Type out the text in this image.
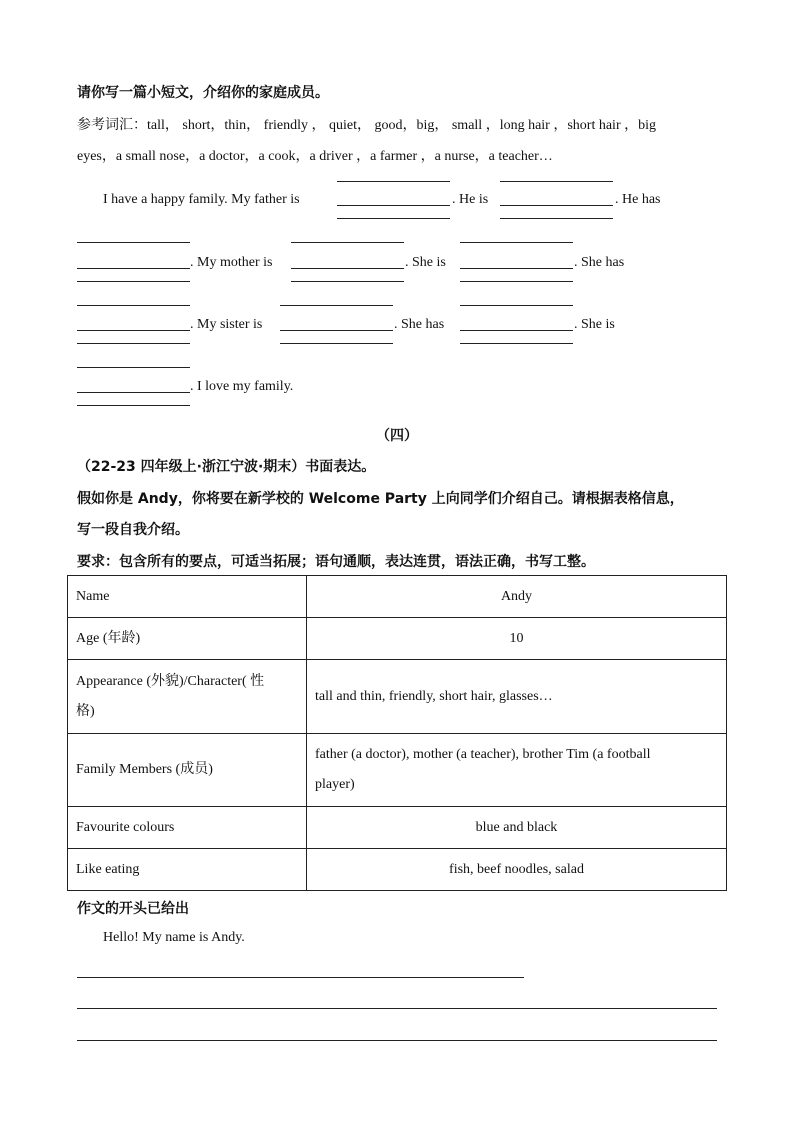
请你写一篇小短文，介绍你的家庭成员。
参考词汇：tall， short，thin， friendly ， quiet， good，big， small ，long hair ，short hair ，big
eyes，a small nose，a doctor，a cook，a driver ，a farmer ，a nurse，a teacher…
I have a happy family. My father is	. He is	. He has
. My mother is	. She is	. She has
. My sister is	. She has	. She is
. I love my family.
（四）
（22-23 四年级上·浙江宁波·期末）书面表达。
假如你是 Andy，你将要在新学校的 Welcome Party 上向同学们介绍自己。请根据表格信息，
写一段自我介绍。
要求：包含所有的要点，可适当拓展；语句通顺，表达连贯，语法正确，书写工整。
Name	Andy
Age (年龄)	10

Appearance (外貌)/Character( 性
格)	tall and thin, friendly, short hair, glasses…
Family Members (成员)	father (a doctor), mother (a teacher), brother Tim (a football
player)

Favourite colours	blue and black
Like eating	fish, beef noodles, salad
作文的开头已给出
Hello! My name is Andy.
